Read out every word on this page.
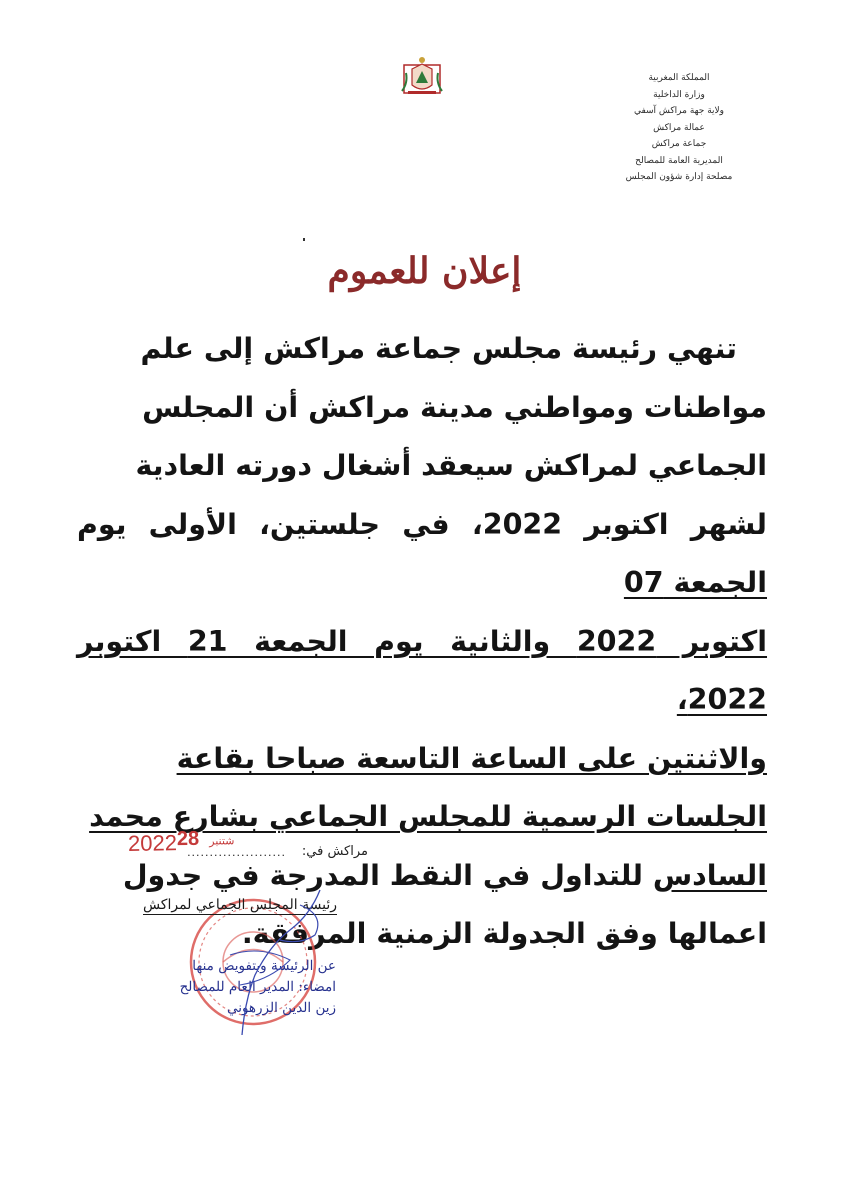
المملكة المغربية
وزارة الداخلية
ولاية جهة مراكش آسفي
عمالة مراكش
جماعة مراكش
المديرية العامة للمصالح
مصلحة إدارة شؤون المجلس
إعلان للعموم

تنهي رئيسة مجلس جماعة مراكش إلى علم

مواطنات ومواطني مدينة مراكش أن المجلس

الجماعي لمراكش سيعقد أشغال دورته العادية

لشهر اكتوبر 2022، في جلستين، الأولى يوم الجمعة 07

اكتوبر 2022 والثانية يوم الجمعة 21 اكتوبر 2022،

والاثنتين على الساعة التاسعة صباحا بقاعة

الجلسات الرسمية للمجلس الجماعي بشارع محمد

السادس للتداول في النقط المدرجة في جدول

اعمالها وفق الجدولة الزمنية المرفقة.

مراكش في:
......................
2022	$^{شتنبر}$28
رئيسة المجلس الجماعي لمراكش
عن الرئيسة وبتفويض منها
امضاء: المدير العام للمصالح
زين الدين الزرهوني
